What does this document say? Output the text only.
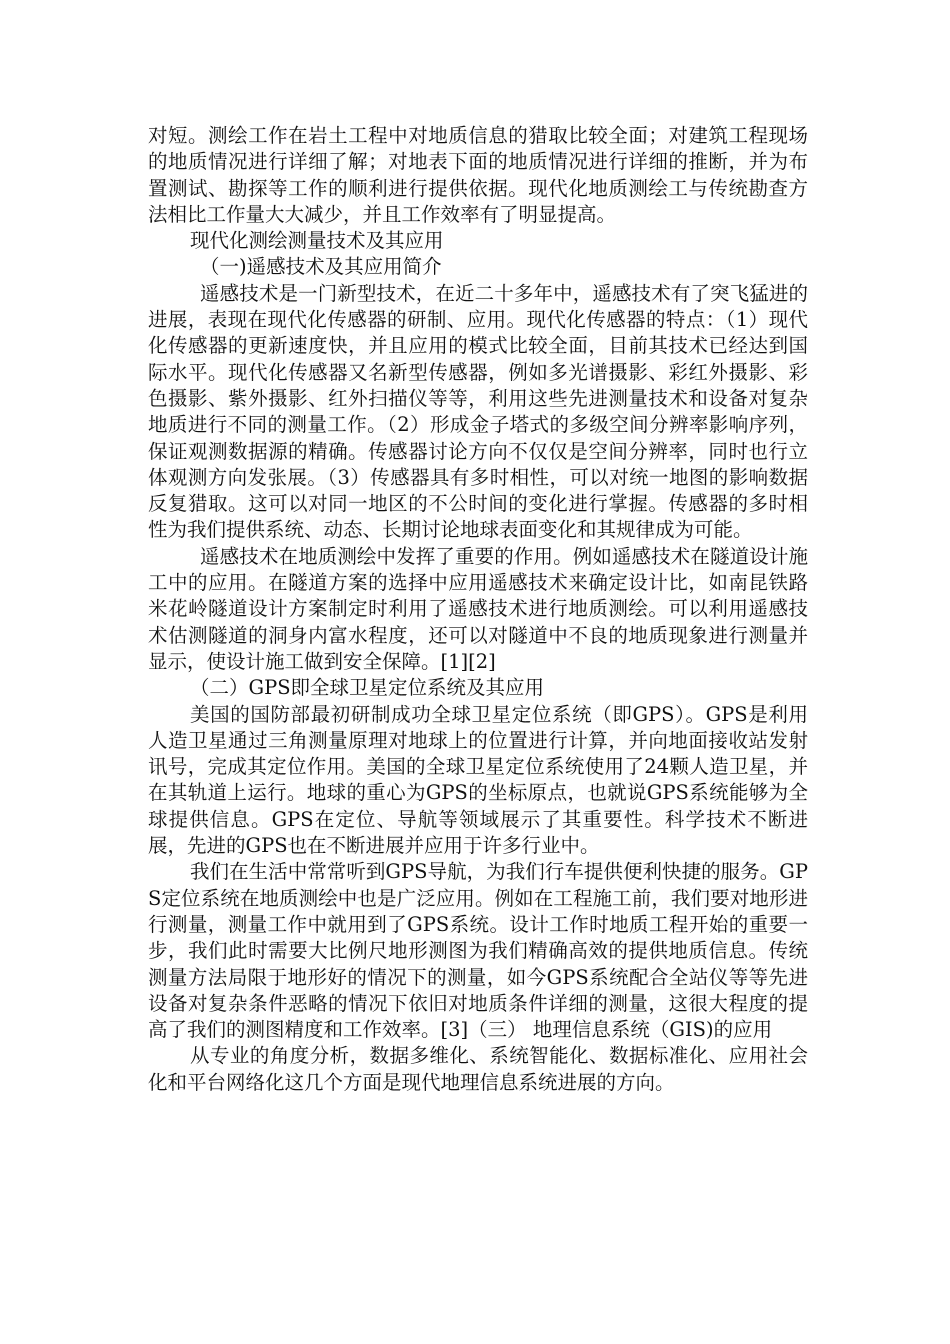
对短。测绘工作在岩土工程中对地质信息的猎取比较全面；对建筑工程现场的地质情况进行详细了解；对地表下面的地质情况进行详细的推断，并为布置测试、勘探等工作的顺利进行提供依据。现代化地质测绘工与传统勘查方法相比工作量大大减少，并且工作效率有了明显提高。

现代化测绘测量技术及其应用

（一)遥感技术及其应用简介

遥感技术是一门新型技术，在近二十多年中，遥感技术有了突飞猛进的进展，表现在现代化传感器的研制、应用。现代化传感器的特点：（1）现代化传感器的更新速度快，并且应用的模式比较全面，目前其技术已经达到国际水平。现代化传感器又名新型传感器，例如多光谱摄影、彩红外摄影、彩色摄影、紫外摄影、红外扫描仪等等，利用这些先进测量技术和设备对复杂地质进行不同的测量工作。（2）形成金子塔式的多级空间分辨率影响序列，保证观测数据源的精确。传感器讨论方向不仅仅是空间分辨率，同时也行立体观测方向发张展。（3）传感器具有多时相性，可以对统一地图的影响数据反复猎取。这可以对同一地区的不公时间的变化进行掌握。传感器的多时相性为我们提供系统、动态、长期讨论地球表面变化和其规律成为可能。

遥感技术在地质测绘中发挥了重要的作用。例如遥感技术在隧道设计施工中的应用。在隧道方案的选择中应用遥感技术来确定设计比，如南昆铁路米花岭隧道设计方案制定时利用了遥感技术进行地质测绘。可以利用遥感技术估测隧道的洞身内富水程度，还可以对隧道中不良的地质现象进行测量并显示，使设计施工做到安全保障。[1][2]

（二）GPS即全球卫星定位系统及其应用

美国的国防部最初研制成功全球卫星定位系统（即GPS）。GPS是利用人造卫星通过三角测量原理对地球上的位置进行计算，并向地面接收站发射讯号，完成其定位作用。美国的全球卫星定位系统使用了24颗人造卫星，并在其轨道上运行。地球的重心为GPS的坐标原点，也就说GPS系统能够为全球提供信息。GPS在定位、导航等领域展示了其重要性。科学技术不断进展，先进的GPS也在不断进展并应用于许多行业中。

我们在生活中常常听到GPS导航，为我们行车提供便利快捷的服务。GPS定位系统在地质测绘中也是广泛应用。例如在工程施工前，我们要对地形进行测量，测量工作中就用到了GPS系统。设计工作时地质工程开始的重要一步，我们此时需要大比例尺地形测图为我们精确高效的提供地质信息。传统测量方法局限于地形好的情况下的测量，如今GPS系统配合全站仪等等先进设备对复杂条件恶略的情况下依旧对地质条件详细的测量，这很大程度的提高了我们的测图精度和工作效率。[3]（三） 地理信息系统（GIS)的应用

从专业的角度分析，数据多维化、系统智能化、数据标准化、应用社会化和平台网络化这几个方面是现代地理信息系统进展的方向。
